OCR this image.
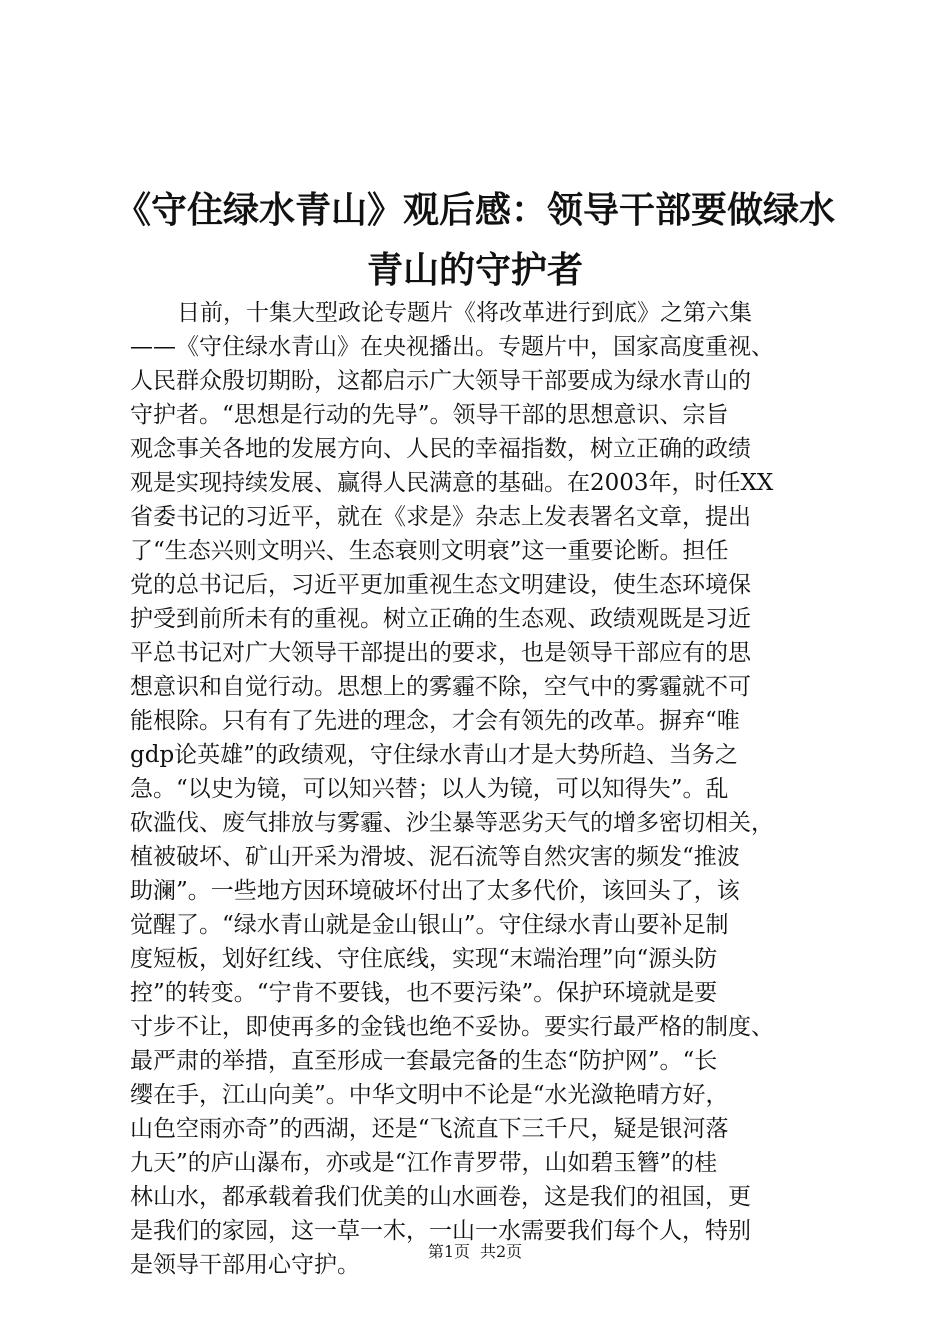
《守住绿水青山》观后感：领导干部要做绿水
青山的守护者
日前，十集大型政论专题片《将改革进行到底》之第六集
——《守住绿水青山》在央视播出。专题片中，国家高度重视、
人民群众殷切期盼，这都启示广大领导干部要成为绿水青山的
守护者。“思想是行动的先导”。领导干部的思想意识、宗旨
观念事关各地的发展方向、人民的幸福指数，树立正确的政绩
观是实现持续发展、赢得人民满意的基础。在2003年，时任XX
省委书记的习近平，就在《求是》杂志上发表署名文章，提出
了“生态兴则文明兴、生态衰则文明衰”这一重要论断。担任
党的总书记后，习近平更加重视生态文明建设，使生态环境保
护受到前所未有的重视。树立正确的生态观、政绩观既是习近
平总书记对广大领导干部提出的要求，也是领导干部应有的思
想意识和自觉行动。思想上的雾霾不除，空气中的雾霾就不可
能根除。只有有了先进的理念，才会有领先的改革。摒弃“唯
gdp论英雄”的政绩观，守住绿水青山才是大势所趋、当务之
急。“以史为镜，可以知兴替；以人为镜，可以知得失”。乱
砍滥伐、废气排放与雾霾、沙尘暴等恶劣天气的增多密切相关，
植被破坏、矿山开采为滑坡、泥石流等自然灾害的频发“推波
助澜”。一些地方因环境破坏付出了太多代价，该回头了，该
觉醒了。“绿水青山就是金山银山”。守住绿水青山要补足制
度短板，划好红线、守住底线，实现“末端治理”向“源头防
控”的转变。“宁肯不要钱，也不要污染”。保护环境就是要
寸步不让，即使再多的金钱也绝不妥协。要实行最严格的制度、
最严肃的举措，直至形成一套最完备的生态“防护网”。“长
缨在手，江山向美”。中华文明中不论是“水光潋艳晴方好，
山色空雨亦奇”的西湖，还是“飞流直下三千尺，疑是银河落
九天”的庐山瀑布，亦或是“江作青罗带，山如碧玉簪”的桂
林山水，都承载着我们优美的山水画卷，这是我们的祖国，更
是我们的家园，这一草一木，一山一水需要我们每个人，特别
是领导干部用心守护。
第1页 共2页
